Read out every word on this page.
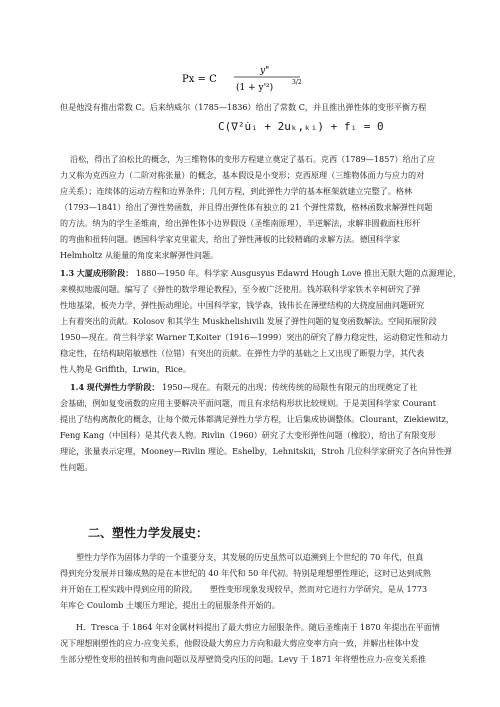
Px = C
y"
(1 + y'²)
3/2
但是他没有推出常数 C。后来纳威尔（1785—1836）给出了常数 C，并且推出弹性体的变形平衡方程
C(∇²u̇ᵢ + 2uₖ,ₖᵢ) + fᵢ = 0
沿松，得出了泊松比的概念，为三维物体的变形方程建立奠定了基石。克西（1789—1857）给出了应
力又称为克西应力（二阶对称张量）的概念，基本假设是小变形；克西原理（三维物体面力与应力的对
应关系）；连续体的运动方程和边界条件；几何方程，到此弹性力学的基本框架就建立完整了。格林
（1793—1841）给出了弹性势函数，并且得出弹性体有独立的 21 个弹性常数，格林函数求解弹性问题
的方法。纳为的学生圣维南，给出弹性体小边界假设（圣维南原理），半逆解法，求解非圆截面柱形杆
的弯曲和扭转问题。德国科学家克里霍夫，给出了弹性薄板的比较精确的求解方法。德国科学家
Helmholtz 从能量的角度来求解弹性问题。
1.3 大厦成形阶段： 1880—1950 年。科学家 Ausgusyus Edawrd Hough Love 推出无限大题的点源理论，
来模拟地震问题。编写了《弹性的数学理论教程》，至今被广泛使用。钱苏联科学家铁木辛柯研究了弹
性地基梁，板壳力学，弹性振动理论。中国科学家，钱学森，钱伟长在薄壁结构的大挠度屈曲问题研究
上有着突出的贡献。Kolosov 和其学生 Muskhelishivili 发展了弹性问题的复变函数解法。空间拓展阶段
1950—现在。荷兰科学家 Warner T,Koiter（1916—1999）突出的研究了静力稳定性，运动稳定性和动力
稳定性，在结构缺陷敏感性（位错）有突出的贡献。在弹性力学的基础之上又出现了断裂力学，其代表
性人物是 Griffith，Lrwin，Rice。
1.4 现代弹性力学阶段： 1950—现在。有限元的出现；传统传统的局限性有限元的出现奠定了社
会基础，例如复变函数的应用主要解决平面问题，而且有求结构形状比较规则。于是美国科学家 Courant
提出了结构离散化的概念，让每个微元体都满足弹性力学方程，让后集成协调整体。Clourant，Ziekiewitz，
Feng Kang（中国科）是其代表人物。Rivlin（1960）研究了大变形弹性问题（橡胶），给出了有限变形
理论，张量表示定理，Mooney—Rivlin 理论。Eshelby，Lehnitskii，Stroh 几位科学家研究了各向异性弹
性问题。
二、塑性力学发展史：
塑性力学作为固体力学的一个重要分支，其发展的历史虽然可以追溯到上个世纪的 70 年代，但真
得到充分发展并日臻成熟的是在本世纪的 40 年代和 50 年代初。特别是理想塑性理论，这时已达到成熟
并开始在工程实践中得到应用的阶段。　　塑性变形现象发现较早，然而对它进行力学研究，是从 1773
年库仑 Coulomb 土壤压力理论，提出土的屈服条件开始的。
H．Tresca 于 1864 年对金属材料提出了最大剪应力屈服条件。随后圣维南于 1870 年提出在平面情
况下理想刚塑性的应力-应变关系，他假设最大剪应力方向和最大剪应变率方向一致，并解出柱体中发
生部分塑性变形的扭转和弯曲问题以及厚壁筒受内压的问题。Levy 于 1871 年将塑性应力-应变关系推
